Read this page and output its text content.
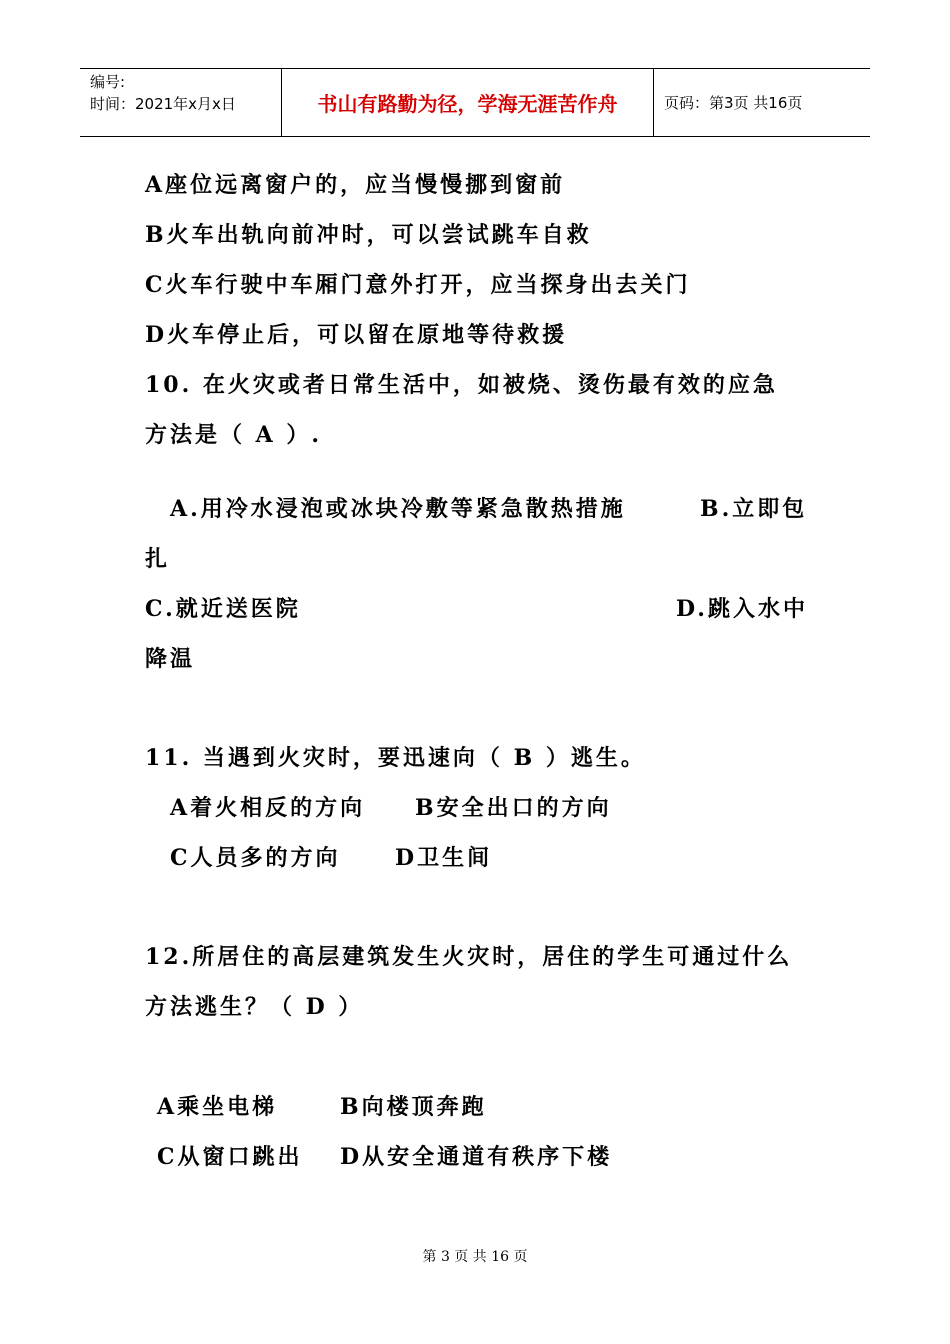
编号:
时间：2021年x月x日	书山有路勤为径，学海无涯苦作舟	页码：第3页 共16页
A座位远离窗户的，应当慢慢挪到窗前
B火车出轨向前冲时，可以尝试跳车自救
C火车行驶中车厢门意外打开，应当探身出去关门
D火车停止后，可以留在原地等待救援
10. 在火灾或者日常生活中，如被烧、烫伤最有效的应急
方法是（ A ）.
A.用冷水浸泡或冰块冷敷等紧急散热措施	B.立即包
扎
C.就近送医院	D.跳入水中
降温
11. 当遇到火灾时，要迅速向（ B ）逃生。
A着火相反的方向 B安全出口的方向
C人员多的方向 D卫生间
12.所居住的高层建筑发生火灾时，居住的学生可通过什么
方法逃生？（ D ）
A乘坐电梯	B向楼顶奔跑
C从窗口跳出 D从安全通道有秩序下楼
第 3 页 共 16 页
